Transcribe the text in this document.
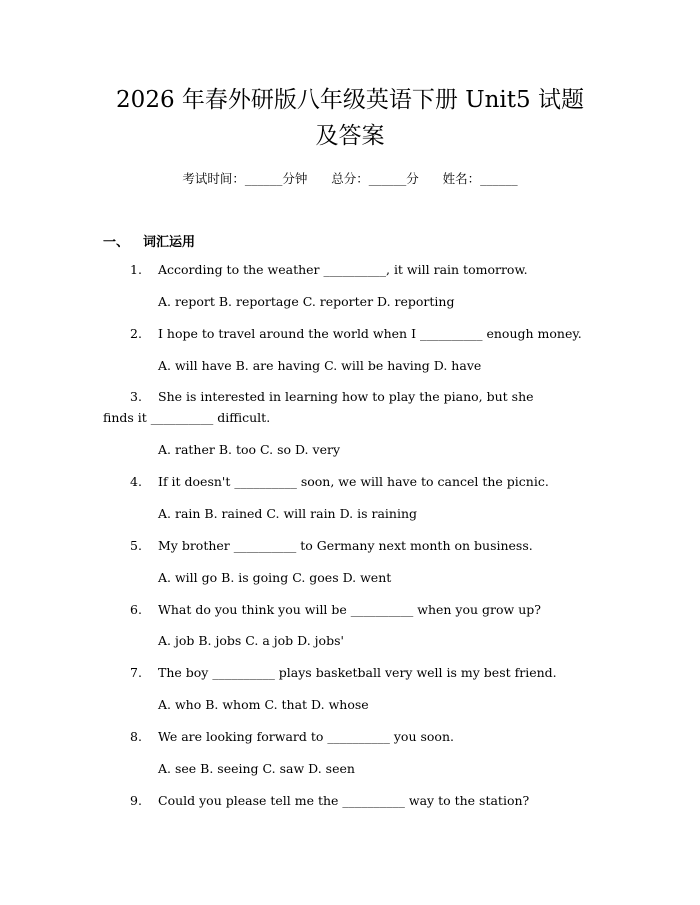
2026 年春外研版八年级英语下册 Unit5 试题
及答案
考试时间：______分钟      总分：______分      姓名：______
一、 词汇运用
1. According to the weather __________, it will rain tomorrow.
A. report B. reportage C. reporter D. reporting
2. I hope to travel around the world when I __________ enough money.
A. will have B. are having C. will be having D. have
3. She is interested in learning how to play the piano, but she
finds it __________ difficult.
A. rather B. too C. so D. very
4. If it doesn't __________ soon, we will have to cancel the picnic.
A. rain B. rained C. will rain D. is raining
5. My brother __________ to Germany next month on business.
A. will go B. is going C. goes D. went
6. What do you think you will be __________ when you grow up?
A. job B. jobs C. a job D. jobs'
7. The boy __________ plays basketball very well is my best friend.
A. who B. whom C. that D. whose
8. We are looking forward to __________ you soon.
A. see B. seeing C. saw D. seen
9. Could you please tell me the __________ way to the station?
